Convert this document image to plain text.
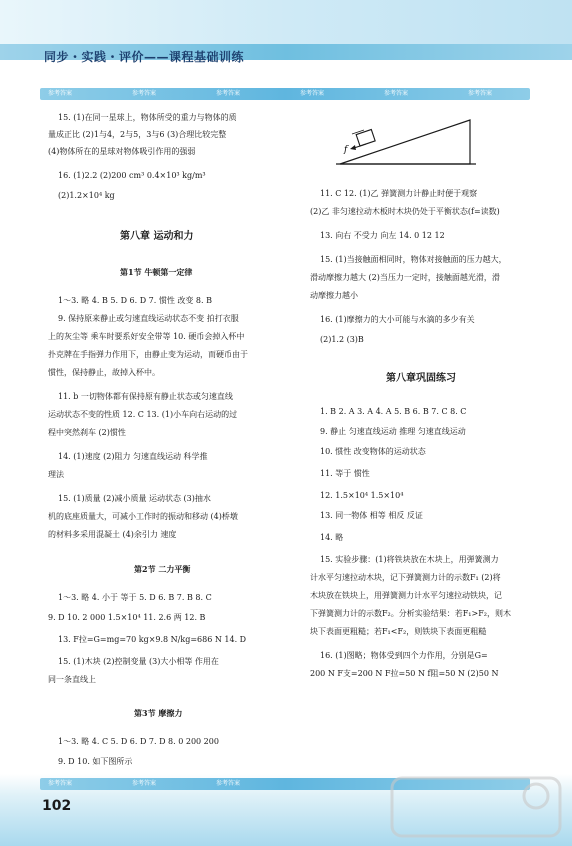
同步・实践・评价——课程基础训练
参考答案	参考答案	参考答案	参考答案	参考答案	参考答案
15. (1)在同一星球上，物体所受的重力与物体的质
量成正比 (2)1与4，2与5，3与6 (3)合理比较完整
(4)物体所在的星球对物体吸引作用的强弱
16. (1)2.2 (2)200 cm³ 0.4×10³ kg/m³
(2)1.2×10⁴ kg
第八章 运动和力
第1节 牛顿第一定律
1～3. 略 4. B 5. D 6. D 7. 惯性 改变 8. B
9. 保持原来静止或匀速直线运动状态不变 拍打衣服
上的灰尘等 乘车时要系好安全带等 10. 硬币会掉入杯中
扑克牌在手指弹力作用下，由静止变为运动，而硬币由于
惯性，保持静止，故掉入杯中。
11. b 一切物体都有保持原有静止状态或匀速直线
运动状态不变的性质 12. C 13. (1)小车向右运动的过
程中突然刹车 (2)惯性
14. (1)速度 (2)阻力 匀速直线运动 科学推
理法
15. (1)质量 (2)减小质量 运动状态 (3)抽水
机的底座质量大，可减小工作时的振动和移动 (4)桥墩
的材料多采用混凝土 (4)余引力 速度
第2节 二力平衡
1～3. 略 4. 小于 等于 5. D 6. B 7. B 8. C
9. D 10. 2 000 1.5×10⁴ 11. 2.6 两 12. B
13. F拉=G=mg=70 kg×9.8 N/kg=686 N 14. D
15. (1)木块 (2)控制变量 (3)大小相等 作用在
同一条直线上
第3节 摩擦力
1～3. 略 4. C 5. D 6. D 7. D 8. 0 200 200
9. D 10. 如下图所示
f
11. C 12. (1)乙 弹簧测力计静止时便于观察
(2)乙 非匀速拉动木板时木块仍处于平衡状态(f=读数)
13. 向右 不受力 向左 14. 0 12 12
15. (1)当接触面相同时，物体对接触面的压力越大，
滑动摩擦力越大 (2)当压力一定时，接触面越光滑，滑
动摩擦力越小
16. (1)摩擦力的大小可能与水滴的多少有关
(2)1.2 (3)B
第八章巩固练习
1. B 2. A 3. A 4. A 5. B 6. B 7. C 8. C
9. 静止 匀速直线运动 推理 匀速直线运动
10. 惯性 改变物体的运动状态
11. 等于 惯性
12. 1.5×10⁴ 1.5×10⁴
13. 同一物体 相等 相反 反证
14. 略
15. 实验步骤：(1)将铁块放在木块上，用弹簧测力
计水平匀速拉动木块，记下弹簧测力计的示数F₁ (2)将
木块放在铁块上，用弹簧测力计水平匀速拉动铁块，记
下弹簧测力计的示数F₂。分析实验结果：若F₁>F₂，则木
块下表面更粗糙；若F₁<F₂，则铁块下表面更粗糙
16. (1)图略；物体受到四个力作用，分别是G=
200 N F支=200 N F拉=50 N f阻=50 N (2)50 N
参考答案	参考答案	参考答案
102
